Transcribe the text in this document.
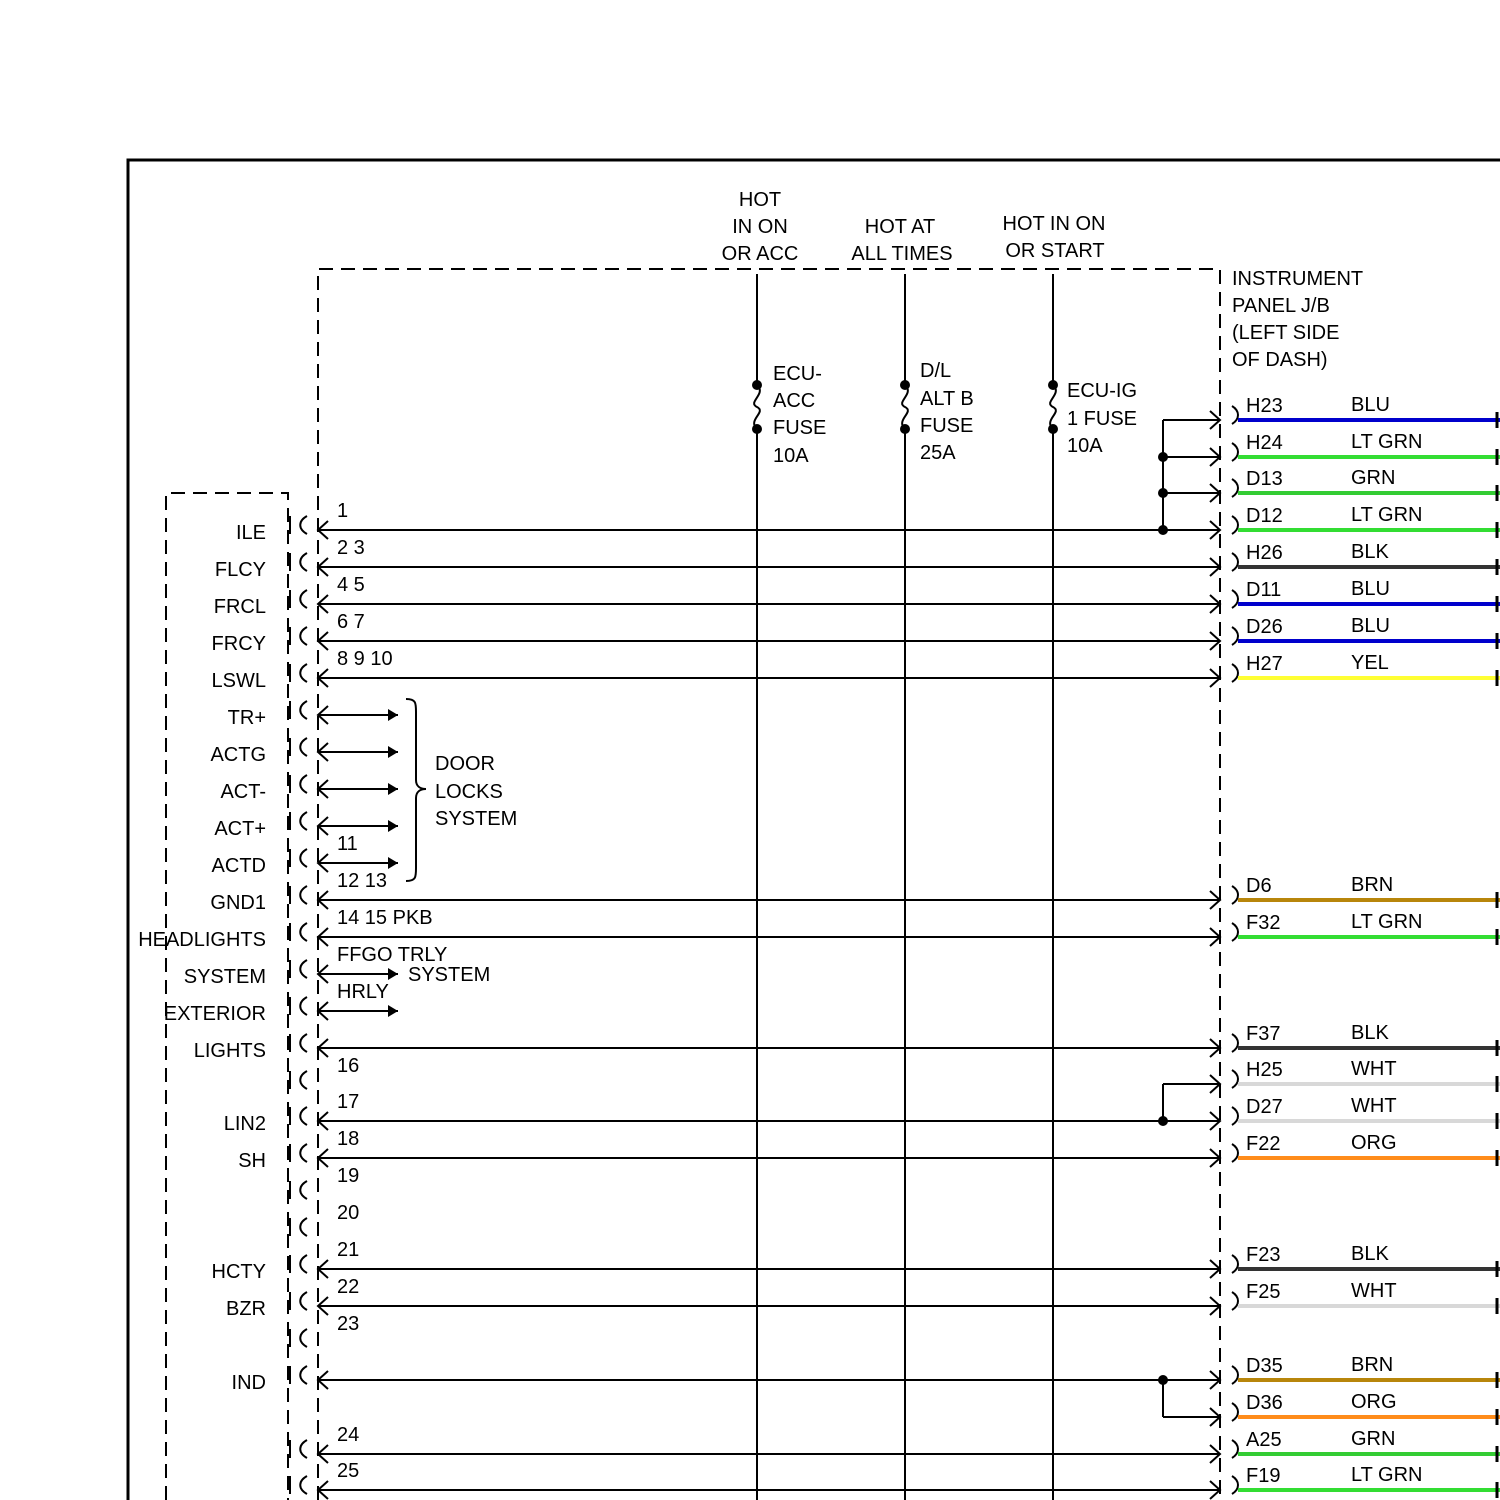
HOT
IN ON
OR ACC
HOT AT
ALL TIMES
HOT IN ON
OR START
ECU-
ACC
FUSE
10A
D/L
ALT B
FUSE
25A
ECU-IG
1 FUSE
10A
INSTRUMENT
PANEL J/B
(LEFT SIDE
OF DASH)
DOOR
LOCKS
SYSTEM
ILE
1
FLCY
2 3
FRCL
4 5
FRCY
6 7
LSWL
8 9 10
TR+
ACTG
ACT-
ACT+
ACTD
11
GND1
12 13
HEADLIGHTS
14 15 PKB
SYSTEM
FFGO TRLY
EXTERIOR
HRLY
LIGHTS
16
LIN2
17
SH
18
19
20
HCTY
21
BZR
22
23
IND
24
25
H23	BLU
H24	LT GRN
D13	GRN
D12	LT GRN
H26	BLK
D11	BLU
D26	BLU
H27	YEL
D6	BRN
F32	LT GRN
F37	BLK
H25	WHT
D27	WHT
F22	ORG
F23	BLK
F25	WHT
D35	BRN
D36	ORG
A25	GRN
F19	LT GRN
SYSTEM
